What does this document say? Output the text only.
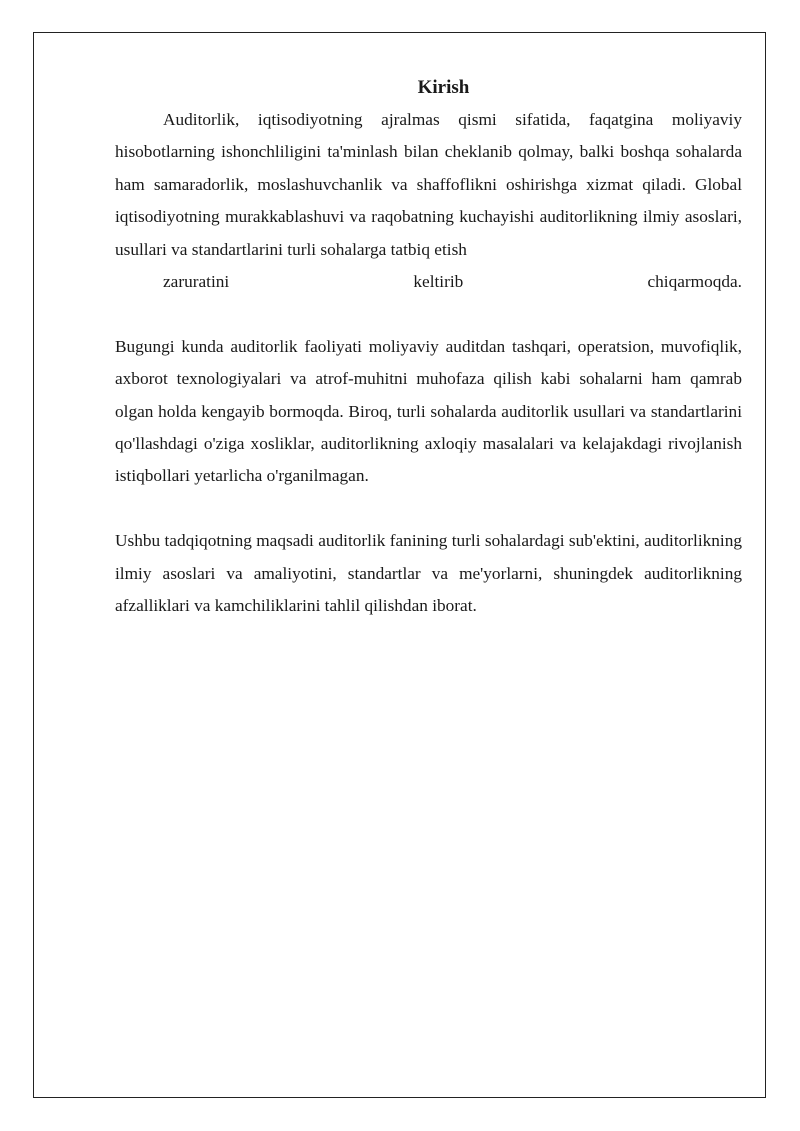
Kirish

Auditorlik, iqtisodiyotning ajralmas qismi sifatida, faqatgina moliyaviy hisobotlarning ishonchliligini ta'minlash bilan cheklanib qolmay, balki boshqa sohalarda ham samaradorlik, moslashuvchanlik va shaffoflikni oshirishga xizmat qiladi. Global iqtisodiyotning murakkablashuvi va raqobatning kuchayishi auditorlikning ilmiy asoslari, usullari va standartlarini turli sohalarga tatbiq etish
zaruratini keltirib chiqarmoqda.

Bugungi kunda auditorlik faoliyati moliyaviy auditdan tashqari, operatsion, muvofiqlik, axborot texnologiyalari va atrof-muhitni muhofaza qilish kabi sohalarni ham qamrab olgan holda kengayib bormoqda. Biroq, turli sohalarda auditorlik usullari va standartlarini qo'llashdagi o'ziga xosliklar, auditorlikning axloqiy masalalari va kelajakdagi rivojlanish istiqbollari yetarlicha o'rganilmagan.

Ushbu tadqiqotning maqsadi auditorlik fanining turli sohalardagi sub'ektini, auditorlikning ilmiy asoslari va amaliyotini, standartlar va me'yorlarni, shuningdek auditorlikning afzalliklari va kamchiliklarini tahlil qilishdan iborat.
